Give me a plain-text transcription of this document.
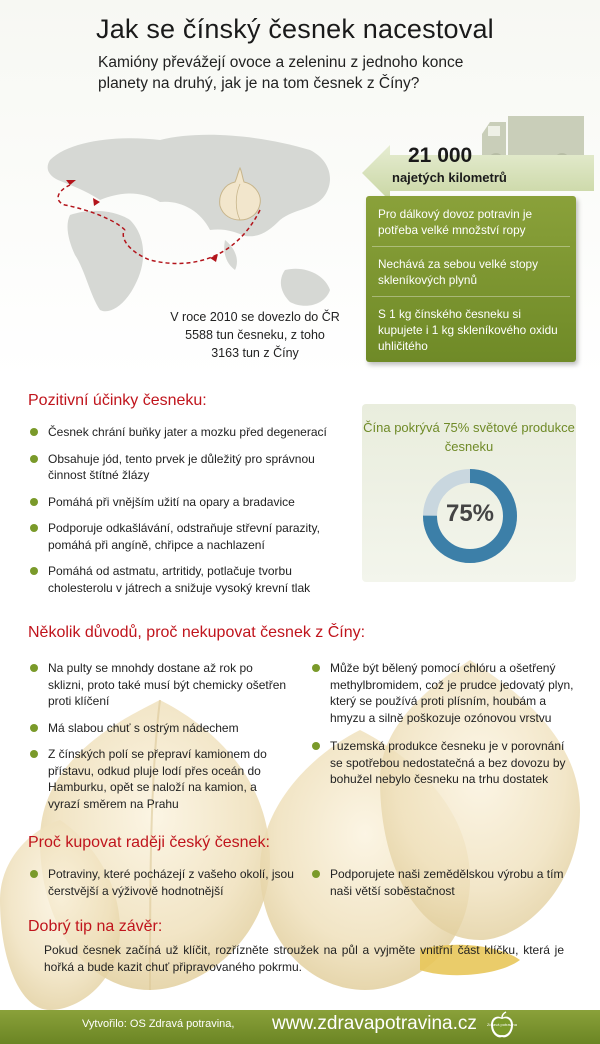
Jak se čínský česnek nacestoval

Kamióny převážejí ovoce a zeleninu z jednoho konce planety na druhý, jak je na tom česnek z Číny?

V roce 2010 se dovezlo do ČR
5588 tun česneku, z toho
3163 tun z Číny
21 000
najetých kilometrů
Pro dálkový dovoz potravin je potřeba velké množství ropy
Nechává za sebou velké stopy skleníkových plynů
S 1 kg čínského česneku si kupujete i 1 kg skleníkového oxidu uhličitého
Pozitivní účinky česneku:
Česnek chrání buňky jater a mozku před degenerací
Obsahuje jód, tento prvek je důležitý pro správnou činnost štítné žlázy
Pomáhá při vnějším užití na opary a bradavice
Podporuje odkašlávání, odstraňuje střevní parazity, pomáhá při angíně, chřipce a nachlazení
Pomáhá od astmatu, artritidy, potlačuje tvorbu cholesterolu v játrech a snižuje vysoký krevní tlak
Čína pokrývá 75% světové produkce česneku
75%
Několik důvodů, proč nekupovat česnek z Číny:
Na pulty se mnohdy dostane až rok po sklizni, proto také musí být chemicky ošetřen proti klíčení
Má slabou chuť s ostrým nádechem
Z čínských polí se přepraví kamionem do přístavu, odkud pluje lodí přes oceán do Hamburku, opět se naloží na kamion, a vyrazí směrem na Prahu
Může být bělený pomocí chlóru a ošetřený methylbromidem, což je prudce jedovatý plyn, který se používá proti plísním, houbám a hmyzu a silně poškozuje ozónovou vrstvu
Tuzemská produkce česneku je v porovnání se spotřebou nedostatečná a bez dovozu by bohužel nebylo česneku na trhu dostatek
Proč kupovat raději český česnek:
Potraviny, které pocházejí z vašeho okolí, jsou čerstvější a výživově hodnotnější
Podporujete naši zemědělskou výrobu a tím naši větší soběstačnost
Dobrý tip na závěr:

Pokud česnek začíná už klíčit, rozřízněte stroužek na půl a vyjměte vnitřní část klíčku, která je hořká a bude kazit chuť připravovaného pokrmu.

Vytvořilo: OS Zdravá potravina, www.zdravapotravina.cz	Zdravá potravina
